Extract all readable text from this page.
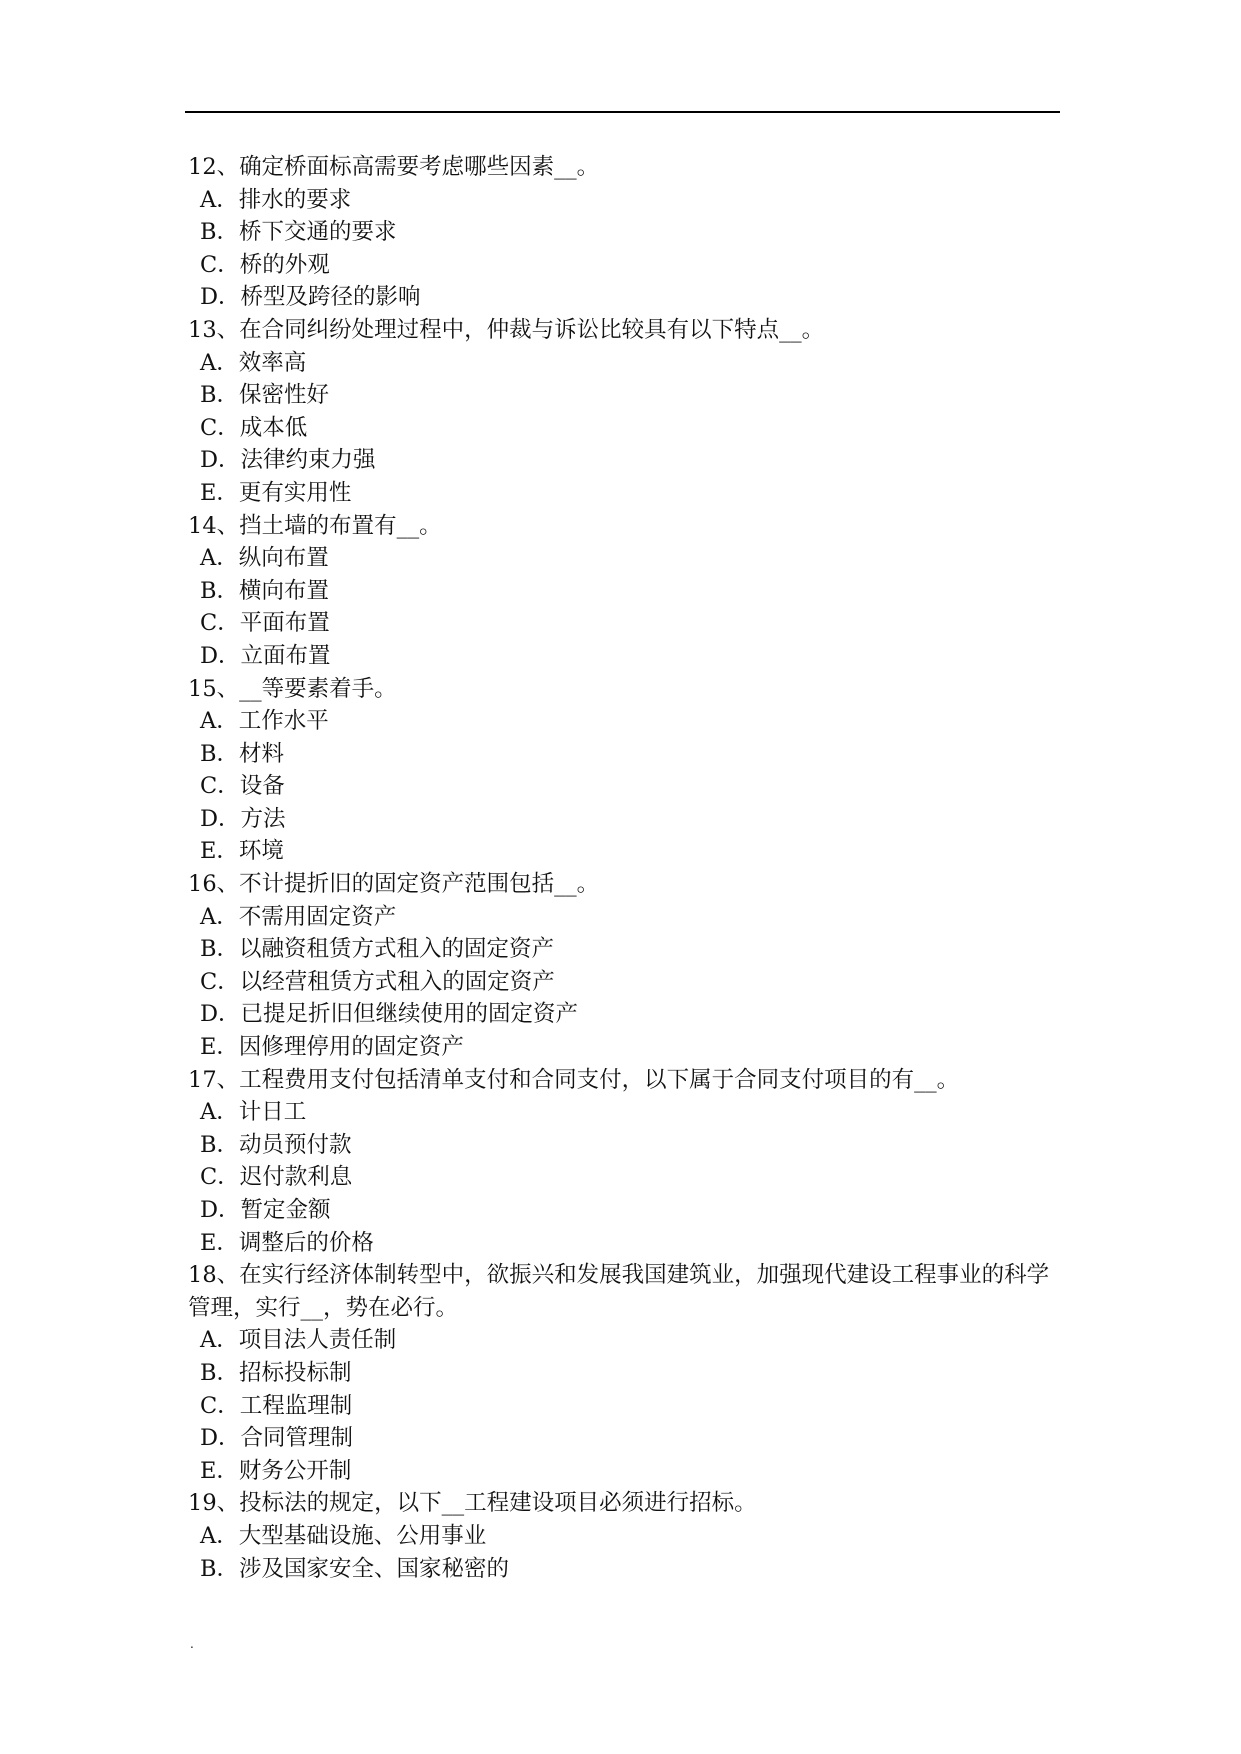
12、确定桥面标高需要考虑哪些因素__。
A．排水的要求
B．桥下交通的要求
C．桥的外观
D．桥型及跨径的影响
13、在合同纠纷处理过程中，仲裁与诉讼比较具有以下特点__。
A．效率高
B．保密性好
C．成本低
D．法律约束力强
E．更有实用性
14、挡土墙的布置有__。
A．纵向布置
B．横向布置
C．平面布置
D．立面布置
15、__等要素着手。
A．工作水平
B．材料
C．设备
D．方法
E．环境
16、不计提折旧的固定资产范围包括__。
A．不需用固定资产
B．以融资租赁方式租入的固定资产
C．以经营租赁方式租入的固定资产
D．已提足折旧但继续使用的固定资产
E．因修理停用的固定资产
17、工程费用支付包括清单支付和合同支付，以下属于合同支付项目的有__。
A．计日工
B．动员预付款
C．迟付款利息
D．暂定金额
E．调整后的价格
18、在实行经济体制转型中，欲振兴和发展我国建筑业，加强现代建设工程事业的科学管理，实行__，势在必行。
A．项目法人责任制
B．招标投标制
C．工程监理制
D．合同管理制
E．财务公开制
19、投标法的规定，以下__工程建设项目必须进行招标。
A．大型基础设施、公用事业
B．涉及国家安全、国家秘密的
.
